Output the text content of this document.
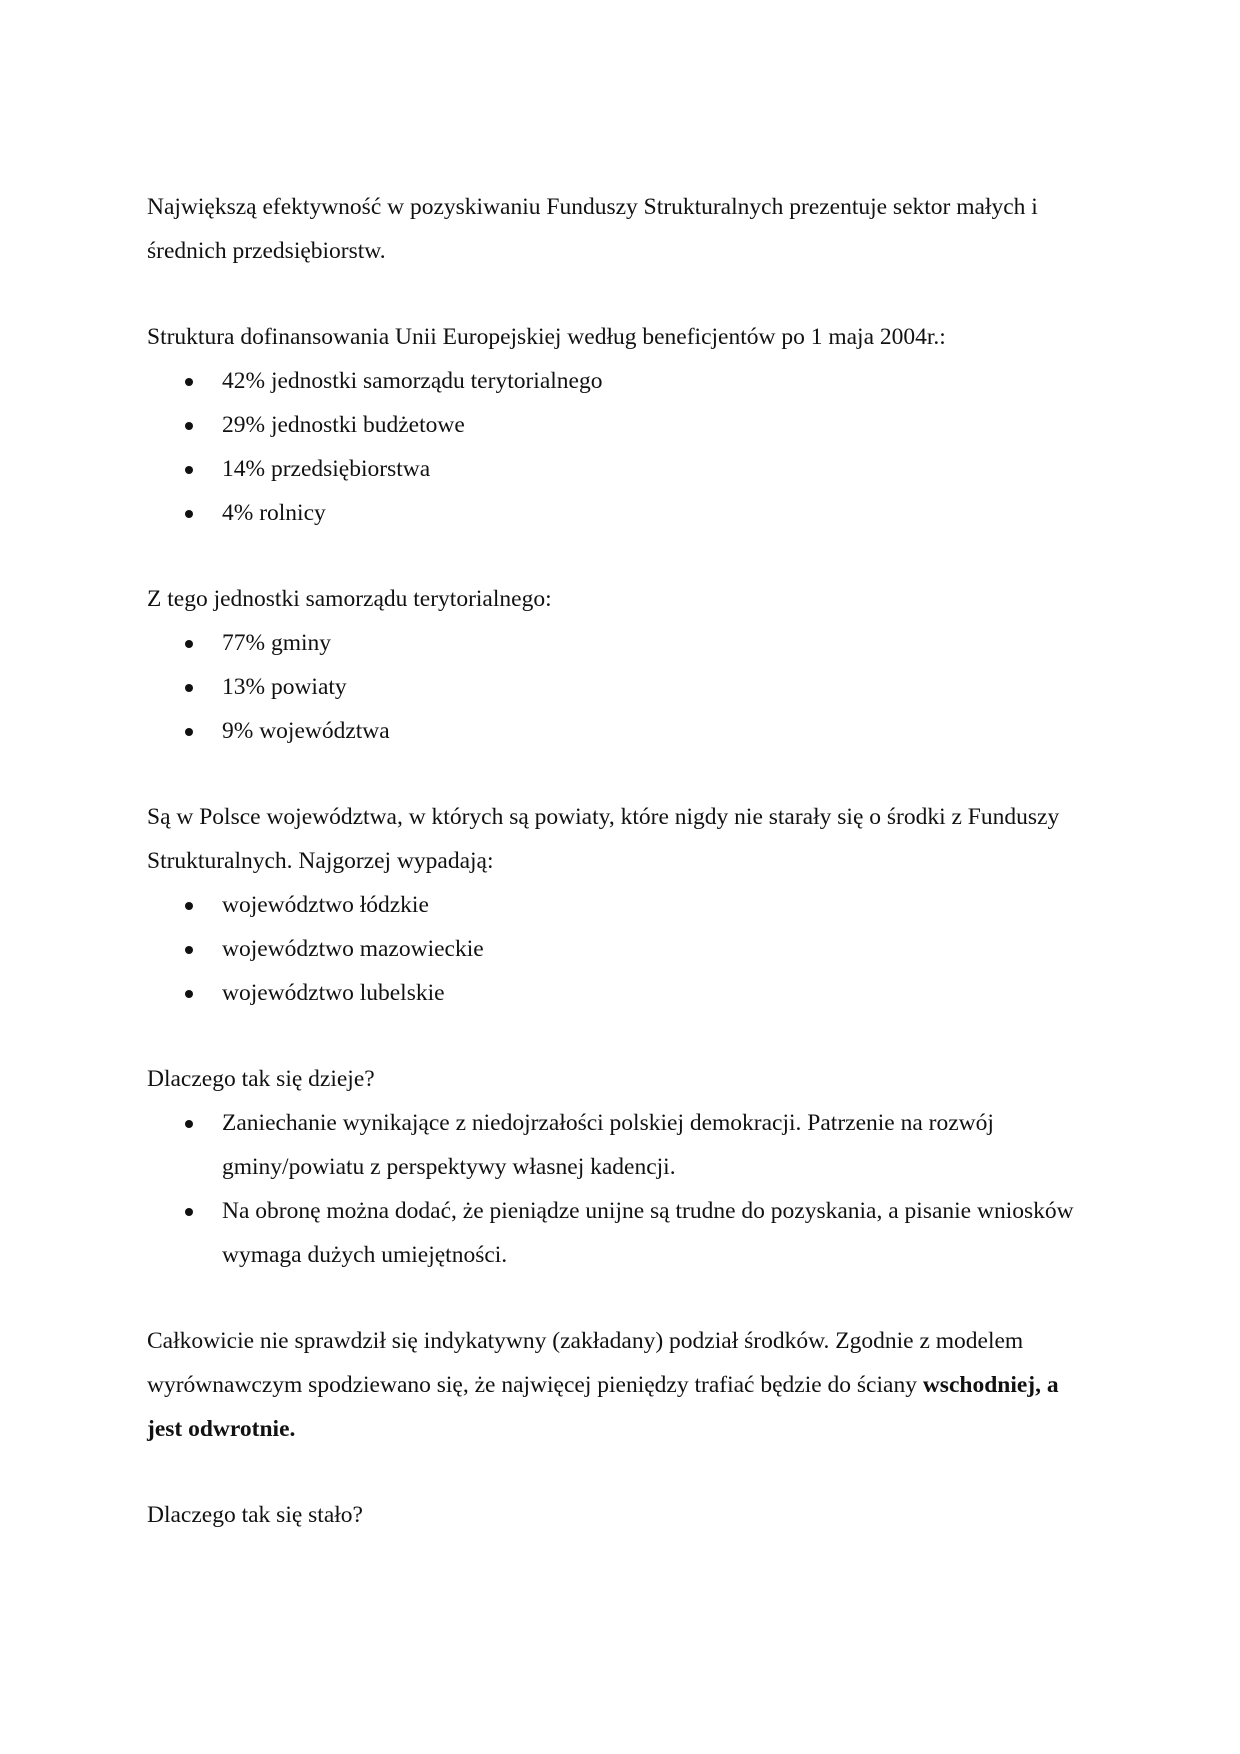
Największą efektywność w pozyskiwaniu Funduszy Strukturalnych prezentuje sektor małych i średnich przedsiębiorstw.

Struktura dofinansowania Unii Europejskiej według beneficjentów po 1 maja 2004r.:

42% jednostki samorządu terytorialnego
29% jednostki budżetowe
14% przedsiębiorstwa
4% rolnicy

Z tego jednostki samorządu terytorialnego:

77% gminy
13% powiaty
9% województwa

Są w Polsce województwa, w których są powiaty, które nigdy nie starały się o środki z Funduszy Strukturalnych. Najgorzej wypadają:

województwo łódzkie
województwo mazowieckie
województwo lubelskie

Dlaczego tak się dzieje?

Zaniechanie wynikające z niedojrzałości polskiej demokracji. Patrzenie na rozwój gminy/powiatu z perspektywy własnej kadencji.
Na obronę można dodać, że pieniądze unijne są trudne do pozyskania, a pisanie wniosków wymaga dużych umiejętności.

Całkowicie nie sprawdził się indykatywny (zakładany) podział środków. Zgodnie z modelem wyrównawczym spodziewano się, że najwięcej pieniędzy trafiać będzie do ściany wschodniej, a jest odwrotnie.

Dlaczego tak się stało?
